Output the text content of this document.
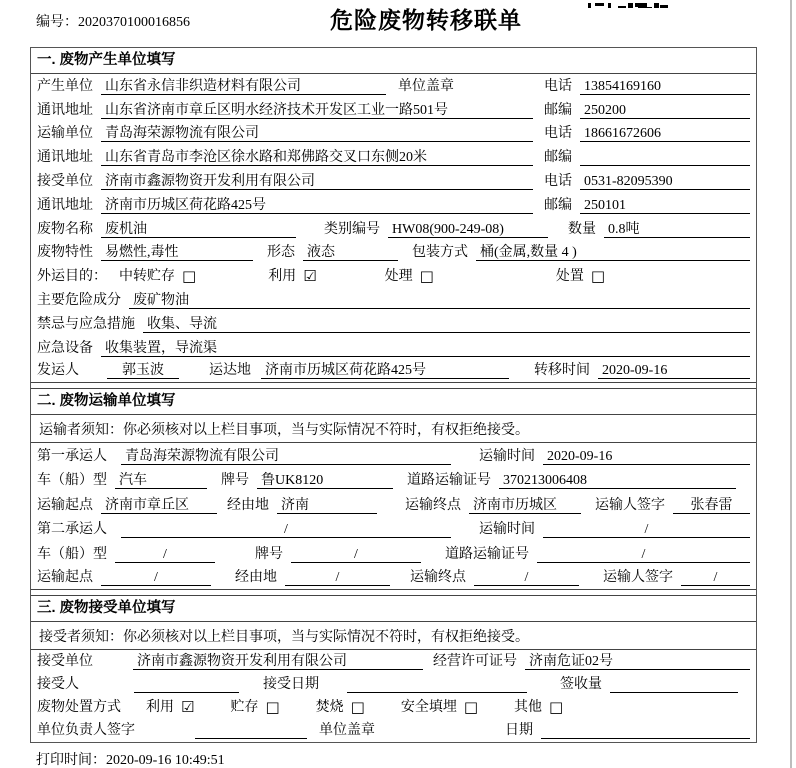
编号：2020370100016856	危险废物转移联单
一. 废物产生单位填写
产生单位 山东省永信非织造材料有限公司	单位盖章	电话 13854169160
通讯地址 山东省济南市章丘区明水经济技术开发区工业一路501号	邮编 250200
运输单位 青岛海荣源物流有限公司	电话 18661672606
通讯地址 山东省青岛市李沧区徐水路和郑佛路交叉口东侧20米	邮编
接受单位 济南市鑫源物资开发利用有限公司	电话 0531-82095390
通讯地址 济南市历城区荷花路425号	邮编 250101
废物名称 废机油	类别编号 HW08(900-249-08)	数量 0.8吨
废物特性 易燃性,毒性	形态 液态	包装方式 桶(金属,数量 4 )
外运目的： 中转贮存 □	利用 ☑	处理 □	处置 □
主要危险成分 废矿物油
禁忌与应急措施 收集、导流
应急设备 收集装置，导流渠
发运人	郭玉波	运达地 济南市历城区荷花路425号	转移时间 2020-09-16
二. 废物运输单位填写
运输者须知：你必须核对以上栏目事项，当与实际情况不符时，有权拒绝接受。
第一承运人 青岛海荣源物流有限公司	运输时间 2020-09-16
车（船）型 汽车	牌号 鲁UK8120	道路运输证号 370213006408
运输起点 济南市章丘区	经由地 济南	运输终点 济南市历城区	运输人签字	张春雷
第二承运人	/	运输时间	/
车（船）型	/	牌号	/	道路运输证号	/
运输起点	/	经由地	/	运输终点	/	运输人签字	/
三. 废物接受单位填写
接受者须知：你必须核对以上栏目事项，当与实际情况不符时，有权拒绝接受。
接受单位	济南市鑫源物资开发利用有限公司	经营许可证号 济南危证02号
接受人	接受日期	签收量
废物处置方式 利用 ☑	贮存 □	焚烧 □	安全填埋 □	其他 □
单位负责人签字	单位盖章	日期
打印时间：2020-09-16 10:49:51
